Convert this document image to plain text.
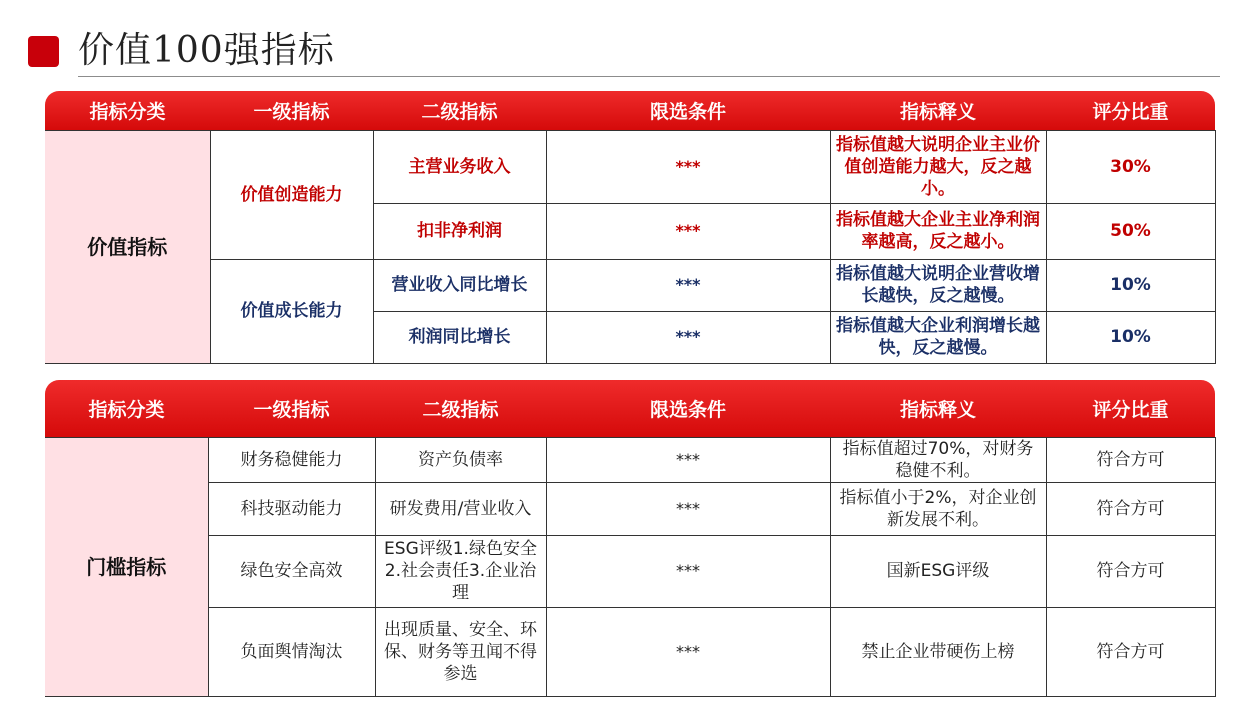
价值100强指标
指标分类	一级指标	二级指标	限选条件	指标释义	评分比重
价值指标	价值创造能力	主营业务收入	***	指标值越大说明企业主业价值创造能力越大，反之越小。	30%
		扣非净利润	***	指标值越大企业主业净利润率越高，反之越小。	50%
	价值成长能力	营业收入同比增长	***	指标值越大说明企业营收增长越快，反之越慢。	10%
		利润同比增长	***	指标值越大企业利润增长越快，反之越慢。	10%
指标分类	一级指标	二级指标	限选条件	指标释义	评分比重
门槛指标	财务稳健能力	资产负债率	***	指标值超过70%，对财务稳健不利。	符合方可
	科技驱动能力	研发费用/营业收入	***	指标值小于2%，对企业创新发展不利。	符合方可
	绿色安全高效	ESG评级1.绿色安全2.社会责任3.企业治理	***	国新ESG评级	符合方可
	负面舆情淘汰	出现质量、安全、环保、财务等丑闻不得参选	***	禁止企业带硬伤上榜	符合方可
